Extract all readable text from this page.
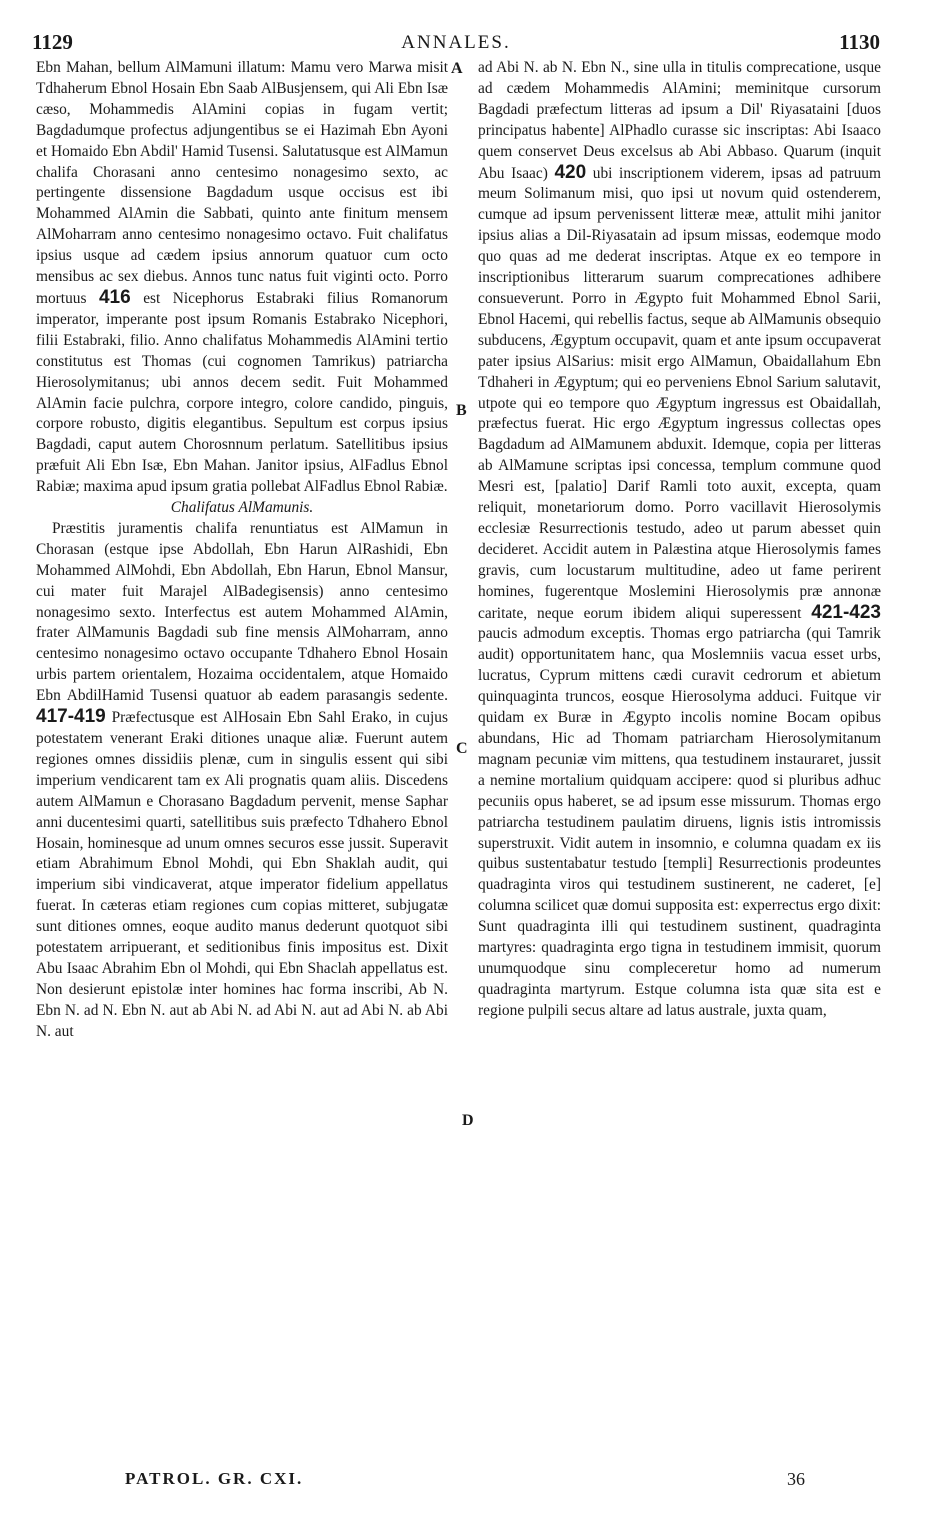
1129	ANNALES.	1130

Ebn Mahan, bellum AlMamuni illatum: Mamu vero Marwa misit Tdhaherum Ebnol Hosain Ebn Saab AlBusjensem, qui Ali Ebn Isæ cæso, Mohammedis AlAmini copias in fugam vertit; Bagdadumque profectus adjungentibus se ei Hazimah Ebn Ayoni et Homaido Ebn Abdil' Hamid Tusensi. Salutatusque est AlMamun chalifa Chorasani anno centesimo nonagesimo sexto, ac pertingente dissensione Bagdadum usque occisus est ibi Mohammed AlAmin die Sabbati, quinto ante finitum mensem AlMoharram anno centesimo nonagesimo octavo. Fuit chalifatus ipsius usque ad cædem ipsius annorum quatuor cum octo mensibus ac sex diebus. Annos tunc natus fuit viginti octo. Porro mortuus 416 est Nicephorus Estabraki filius Romanorum imperator, imperante post ipsum Romanis Estabrako Nicephori, filii Estabraki, filio. Anno chalifatus Mohammedis AlAmini tertio constitutus est Thomas (cui cognomen Tamrikus) patriarcha Hierosolymitanus; ubi annos decem sedit. Fuit Mohammed AlAmin facie pulchra, corpore integro, colore candido, pinguis, corpore robusto, digitis elegantibus. Sepultum est corpus ipsius Bagdadi, caput autem Chorosnnum perlatum. Satellitibus ipsius præfuit Ali Ebn Isæ, Ebn Mahan. Janitor ipsius, AlFadlus Ebnol Rabiæ; maxima apud ipsum gratia pollebat AlFadlus Ebnol Rabiæ.

Chalifatus AlMamunis.

Præstitis juramentis chalifa renuntiatus est AlMamun in Chorasan (estque ipse Abdollah, Ebn Harun AlRashidi, Ebn Mohammed AlMohdi, Ebn Abdollah, Ebn Harun, Ebnol Mansur, cui mater fuit Marajel AlBadegisensis) anno centesimo nonagesimo sexto. Interfectus est autem Mohammed AlAmin, frater AlMamunis Bagdadi sub fine mensis AlMoharram, anno centesimo nonagesimo octavo occupante Tdhahero Ebnol Hosain urbis partem orientalem, Hozaima occidentalem, atque Homaido Ebn AbdilHamid Tusensi quatuor ab eadem parasangis sedente. 417-419 Præfectusque est AlHosain Ebn Sahl Erako, in cujus potestatem venerant Eraki ditiones unaque aliæ. Fuerunt autem regiones omnes dissidiis plenæ, cum in singulis essent qui sibi imperium vendicarent tam ex Ali prognatis quam aliis. Discedens autem AlMamun e Chorasano Bagdadum pervenit, mense Saphar anni ducentesimi quarti, satellitibus suis præfecto Tdhahero Ebnol Hosain, hominesque ad unum omnes securos esse jussit. Superavit etiam Abrahimum Ebnol Mohdi, qui Ebn Shaklah audit, qui imperium sibi vindicaverat, atque imperator fidelium appellatus fuerat. In cæteras etiam regiones cum copias mitteret, subjugatæ sunt ditiones omnes, eoque audito manus dederunt quotquot sibi potestatem arripuerant, et seditionibus finis impositus est. Dixit Abu Isaac Abrahim Ebn ol Mohdi, qui Ebn Shaclah appellatus est. Non desierunt epistolæ inter homines hac forma inscribi, Ab N. Ebn N. ad N. Ebn N. aut ab Abi N. ad Abi N. aut ad Abi N. ab Abi N. aut

ad Abi N. ab N. Ebn N., sine ulla in titulis comprecatione, usque ad cædem Mohammedis AlAmini; meminitque cursorum Bagdadi præfectum litteras ad ipsum a Dil' Riyasataini [duos principatus habente] AlPhadlo curasse sic inscriptas: Abi Isaaco quem conservet Deus excelsus ab Abi Abbaso. Quarum (inquit Abu Isaac) 420 ubi inscriptionem viderem, ipsas ad patruum meum Solimanum misi, quo ipsi ut novum quid ostenderem, cumque ad ipsum pervenissent litteræ meæ, attulit mihi janitor ipsius alias a Dil-Riyasatain ad ipsum missas, eodemque modo quo quas ad me dederat inscriptas. Atque ex eo tempore in inscriptionibus litterarum suarum comprecationes adhibere consueverunt. Porro in Ægypto fuit Mohammed Ebnol Sarii, Ebnol Hacemi, qui rebellis factus, seque ab AlMamunis obsequio subducens, Ægyptum occupavit, quam et ante ipsum occupaverat pater ipsius AlSarius: misit ergo AlMamun, Obaidallahum Ebn Tdhaheri in Ægyptum; qui eo perveniens Ebnol Sarium salutavit, utpote qui eo tempore quo Ægyptum ingressus est Obaidallah, præfectus fuerat. Hic ergo Ægyptum ingressus collectas opes Bagdadum ad AlMamunem abduxit. Idemque, copia per litteras ab AlMamune scriptas ipsi concessa, templum commune quod Mesri est, [palatio] Darif Ramli toto auxit, excepta, quam reliquit, monetariorum domo. Porro vacillavit Hierosolymis ecclesiæ Resurrectionis testudo, adeo ut parum abesset quin decideret. Accidit autem in Palæstina atque Hierosolymis fames gravis, cum locustarum multitudine, adeo ut fame perirent homines, fugerentque Moslemini Hierosolymis præ annonæ caritate, neque eorum ibidem aliqui superessent 421-423 paucis admodum exceptis. Thomas ergo patriarcha (qui Tamrik audit) opportunitatem hanc, qua Moslemniis vacua esset urbs, lucratus, Cyprum mittens cædi curavit cedrorum et abietum quinquaginta truncos, eosque Hierosolyma adduci. Fuitque vir quidam ex Buræ in Ægypto incolis nomine Bocam opibus abundans, Hic ad Thomam patriarcham Hierosolymitanum magnam pecuniæ vim mittens, qua testudinem instauraret, jussit a nemine mortalium quidquam accipere: quod si pluribus adhuc pecuniis opus haberet, se ad ipsum esse missurum. Thomas ergo patriarcha testudinem paulatim diruens, lignis istis intromissis superstruxit. Vidit autem in insomnio, e columna quadam ex iis quibus sustentabatur testudo [templi] Resurrectionis prodeuntes quadraginta viros qui testudinem sustinerent, ne caderet, [e] columna scilicet quæ domui supposita est: experrectus ergo dixit: Sunt quadraginta illi qui testudinem sustinent, quadraginta martyres: quadraginta ergo tigna in testudinem immisit, quorum unumquodque sinu compleceretur homo ad numerum quadraginta martyrum. Estque columna ista quæ sita est e regione pulpili secus altare ad latus australe, juxta quam,

A
B
C
D
PATROL. GR. CXI.	36
